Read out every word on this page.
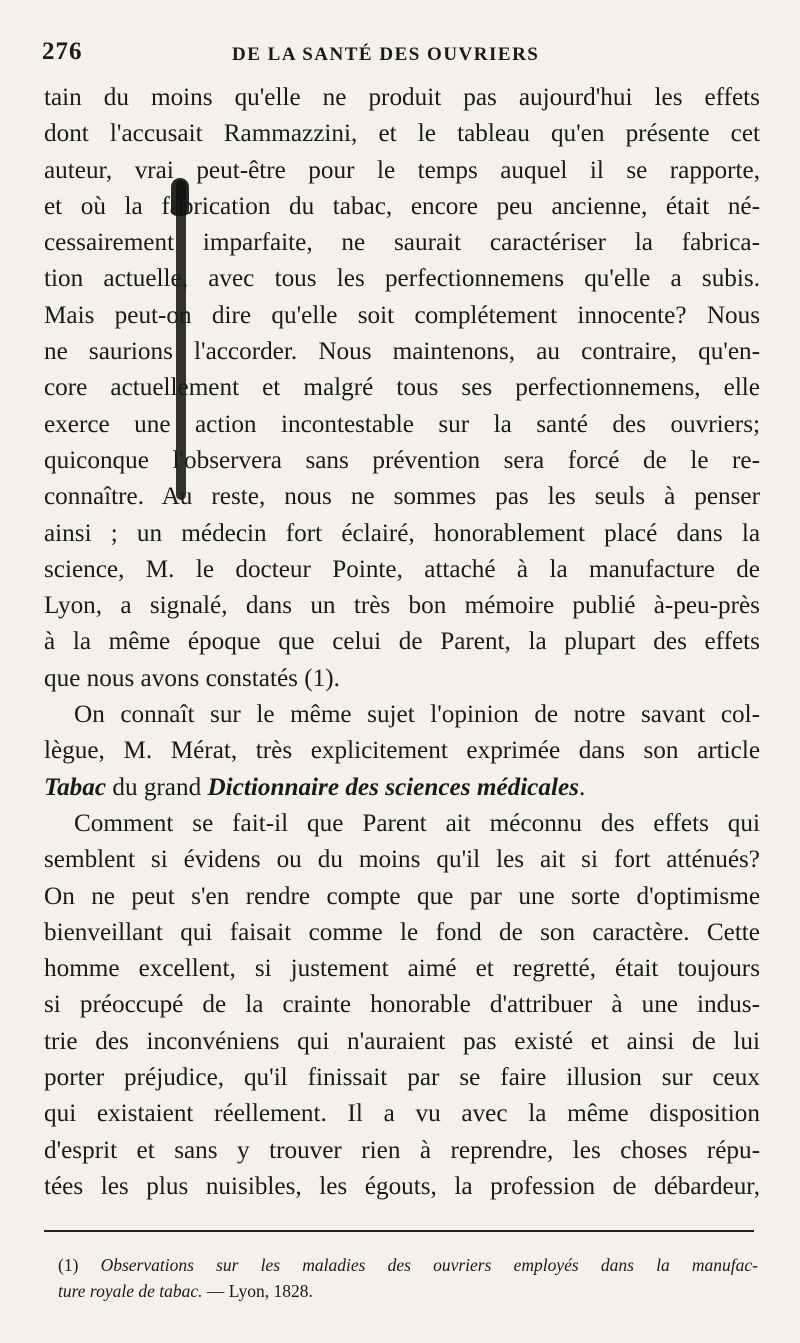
276	DE LA SANTÉ DES OUVRIERS
tain du moins qu'elle ne produit pas aujourd'hui les effets
dont l'accusait Rammazzini, et le tableau qu'en présente cet
auteur, vrai peut-être pour le temps auquel il se rapporte,
et où la fabrication du tabac, encore peu ancienne, était né-
cessairement imparfaite, ne saurait caractériser la fabrica-
tion actuelle, avec tous les perfectionnemens qu'elle a subis.
Mais peut-on dire qu'elle soit complétement innocente? Nous
ne saurions l'accorder. Nous maintenons, au contraire, qu'en-
core actuellement et malgré tous ses perfectionnemens, elle
exerce une action incontestable sur la santé des ouvriers;
quiconque l'observera sans prévention sera forcé de le re-
connaître. Au reste, nous ne sommes pas les seuls à penser
ainsi ; un médecin fort éclairé, honorablement placé dans la
science, M. le docteur Pointe, attaché à la manufacture de
Lyon, a signalé, dans un très bon mémoire publié à-peu-près
à la même époque que celui de Parent, la plupart des effets
que nous avons constatés (1).
On connaît sur le même sujet l'opinion de notre savant col-
lègue, M. Mérat, très explicitement exprimée dans son article
Tabac du grand Dictionnaire des sciences médicales.
Comment se fait-il que Parent ait méconnu des effets qui
semblent si évidens ou du moins qu'il les ait si fort atténués?
On ne peut s'en rendre compte que par une sorte d'optimisme
bienveillant qui faisait comme le fond de son caractère. Cette
homme excellent, si justement aimé et regretté, était toujours
si préoccupé de la crainte honorable d'attribuer à une indus-
trie des inconvéniens qui n'auraient pas existé et ainsi de lui
porter préjudice, qu'il finissait par se faire illusion sur ceux
qui existaient réellement. Il a vu avec la même disposition
d'esprit et sans y trouver rien à reprendre, les choses répu-
tées les plus nuisibles, les égouts, la profession de débardeur,
(1) Observations sur les maladies des ouvriers employés dans la manufac-
ture royale de tabac. — Lyon, 1828.
